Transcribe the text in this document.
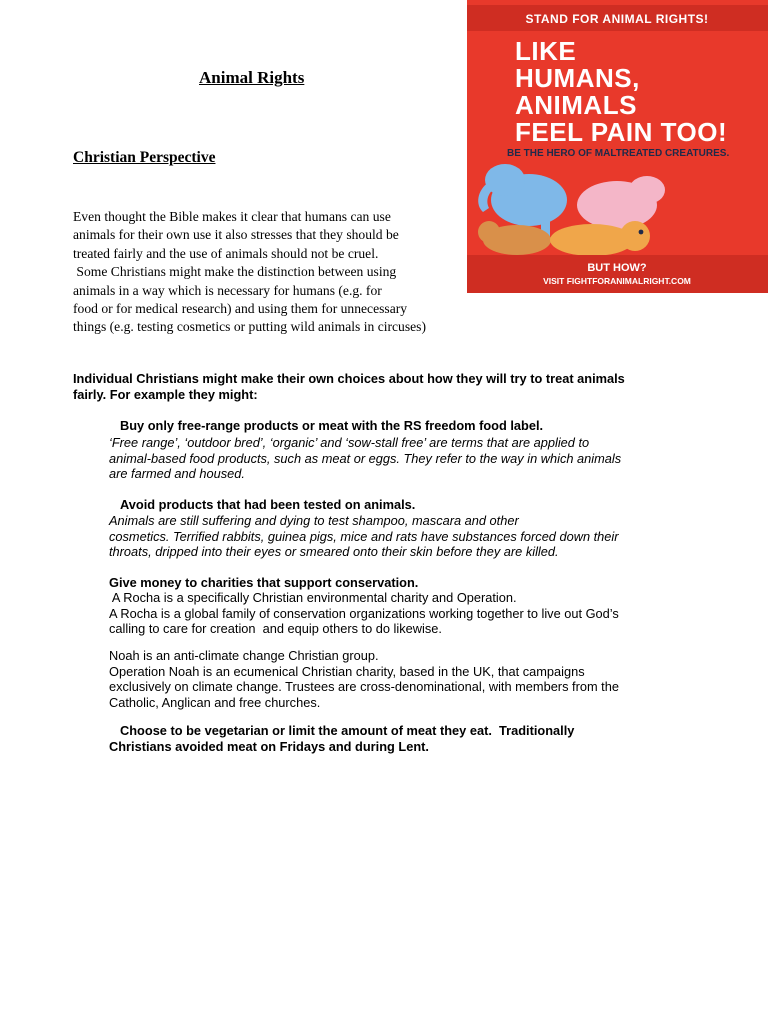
Animal Rights
Christian Perspective
Even thought the Bible makes it clear that humans can use
animals for their own use it also stresses that they should be
treated fairly and the use of animals should not be cruel.
Some Christians might make the distinction between using
animals in a way which is necessary for humans (e.g. for
food or for medical research) and using them for unnecessary
things (e.g. testing cosmetics or putting wild animals in circuses)
STAND FOR ANIMAL RIGHTS!
LIKE
HUMANS,
ANIMALS
FEEL PAIN TOO!
BE THE HERO OF MALTREATED CREATURES.
BUT HOW?
VISIT FIGHTFORANIMALRIGHT.COM
Individual Christians might make their own choices about how they will try to treat animals
fairly. For example they might:
Buy only free-range products or meat with the RS freedom food label.
‘Free range’, ‘outdoor bred’, ‘organic’ and ‘sow-stall free’ are terms that are applied to
animal-based food products, such as meat or eggs. They refer to the way in which animals
are farmed and housed.
Avoid products that had been tested on animals.
Animals are still suffering and dying to test shampoo, mascara and other
cosmetics. Terrified rabbits, guinea pigs, mice and rats have substances forced down their
throats, dripped into their eyes or smeared onto their skin before they are killed.
Give money to charities that support conservation.
A Rocha is a specifically Christian environmental charity and Operation.
A Rocha is a global family of conservation organizations working together to live out God’s
calling to care for creation  and equip others to do likewise.
Noah is an anti-climate change Christian group.
Operation Noah is an ecumenical Christian charity, based in the UK, that campaigns
exclusively on climate change. Trustees are cross-denominational, with members from the
Catholic, Anglican and free churches.
Choose to be vegetarian or limit the amount of meat they eat.  Traditionally
Christians avoided meat on Fridays and during Lent.
